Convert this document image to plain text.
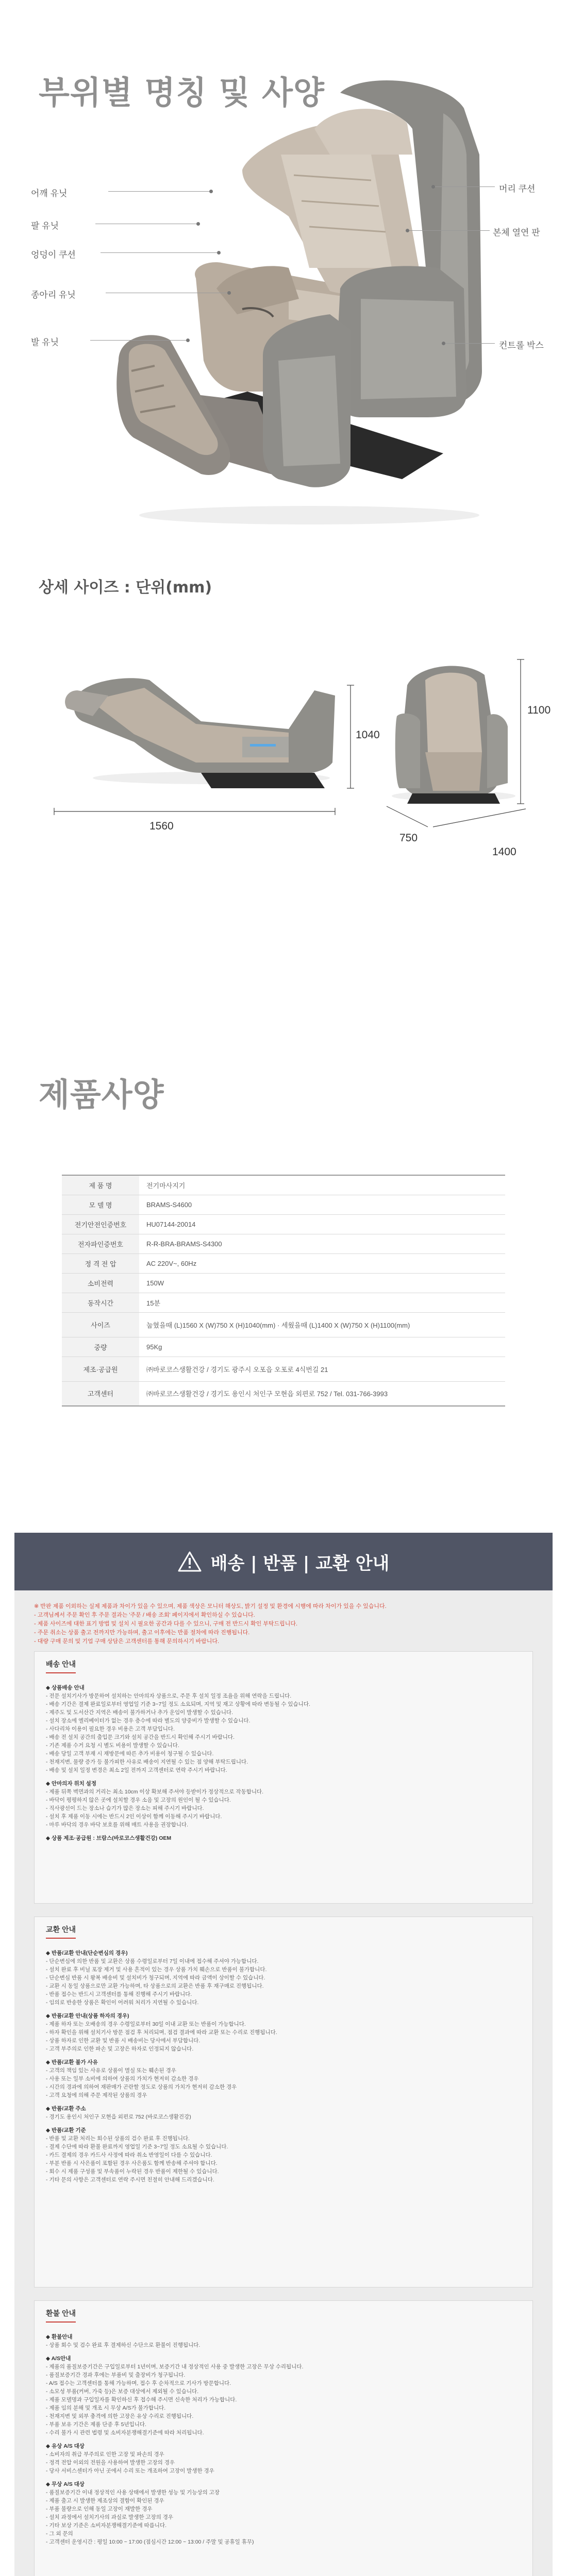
부위별 명칭 및 사양
어깨 유닛
팔 유닛
엉덩이 쿠션
종아리 유닛
발 유닛
머리 쿠션
본체 열연 판
컨트롤 박스
상세 사이즈 : 단위(mm)
1560
1040
1100
750
1400
제품사양
제 품 명	전기마사지기
모 델 명	BRAMS-S4600
전기안전인증번호	HU07144-20014
전자파인증번호	R-R-BRA-BRAMS-S4300
정 격 전 압	AC 220V~, 60Hz
소비전력	150W
동작시간	15분
사이즈	눕혔을때 (L)1560 X (W)750 X (H)1040(mm) · 세웠을때 (L)1400 X (W)750 X (H)1100(mm)
중량	95Kg
제조·공급원	㈜바로코스생활건강 / 경기도 광주시 오포읍 오포로 4식번길 21
고객센터	㈜바로코스생활건강 / 경기도 용인시 처인구 모현읍 외편로 752 / Tel. 031-766-3993
배송 | 반품 | 교환 안내

※ 반판 제품 이외하는 실제 제품과 차이가 있을 수 있으며, 제품 색상은 모니터 해상도, 밝기 설정 및 환경에 시행에 따라 차이가 있을 수 있습니다.

- 고객님께서 주문 확인 후 주문 결과는 '주문 / 배송 조회' 페이지에서 확인하실 수 있습니다.

- 제품 사이즈에 대한 표기 방법 및 설치 시 필요한 공간과 다를 수 있으니, 구매 전 반드시 확인 부탁드립니다.

- 주문 취소는 상품 출고 전까지만 가능하며, 출고 이후에는 반품 절차에 따라 진행됩니다.

- 대량 구매 문의 및 기업 구매 상담은 고객센터를 통해 문의하시기 바랍니다.

배송 안내

◆ 상품배송 안내

- 전문 설치기사가 방문하여 설치하는 안마의자 상품으로, 주문 후 설치 일정 조율을 위해 연락을 드립니다.

- 배송 기간은 결제 완료일로부터 영업일 기준 3~7일 정도 소요되며, 지역 및 재고 상황에 따라 변동될 수 있습니다.

- 제주도 및 도서산간 지역은 배송이 불가하거나 추가 운임이 발생할 수 있습니다.

- 설치 장소에 엘리베이터가 없는 경우 층수에 따라 별도의 양중비가 발생할 수 있습니다.

- 사다리차 이용이 필요한 경우 비용은 고객 부담입니다.

- 배송 전 설치 공간의 출입문 크기와 설치 공간을 반드시 확인해 주시기 바랍니다.

- 기존 제품 수거 요청 시 별도 비용이 발생할 수 있습니다.

- 배송 당일 고객 부재 시 재방문에 따른 추가 비용이 청구될 수 있습니다.

- 천재지변, 물량 증가 등 불가피한 사유로 배송이 지연될 수 있는 점 양해 부탁드립니다.

- 배송 및 설치 일정 변경은 최소 2일 전까지 고객센터로 연락 주시기 바랍니다.

◆ 안마의자 위치 설정

- 제품 뒤쪽 벽면과의 거리는 최소 10cm 이상 확보해 주셔야 등받이가 정상적으로 작동합니다.

- 바닥이 평평하지 않은 곳에 설치할 경우 소음 및 고장의 원인이 될 수 있습니다.

- 직사광선이 드는 장소나 습기가 많은 장소는 피해 주시기 바랍니다.

- 설치 후 제품 이동 시에는 반드시 2인 이상이 함께 이동해 주시기 바랍니다.

- 마루 바닥의 경우 바닥 보호를 위해 매트 사용을 권장합니다.

◆ 상품 제조·공급원 : 브람스(바로코스생활건강) OEM

교환 안내

◆ 반품/교환 안내(단순변심의 경우)

- 단순변심에 의한 반품 및 교환은 상품 수령일로부터 7일 이내에 접수해 주셔야 가능합니다.

- 설치 완료 후 비닐 포장 제거 및 사용 흔적이 있는 경우 상품 가치 훼손으로 반품이 불가합니다.

- 단순변심 반품 시 왕복 배송비 및 설치비가 청구되며, 지역에 따라 금액이 상이할 수 있습니다.

- 교환 시 동일 상품으로만 교환 가능하며, 타 상품으로의 교환은 반품 후 재구매로 진행됩니다.

- 반품 접수는 반드시 고객센터를 통해 진행해 주시기 바랍니다.

- 임의로 반송한 상품은 확인이 어려워 처리가 지연될 수 있습니다.

◆ 반품/교환 안내(상품 하자의 경우)

- 제품 하자 또는 오배송의 경우 수령일로부터 30일 이내 교환 또는 반품이 가능합니다.

- 하자 확인을 위해 설치기사 방문 점검 후 처리되며, 점검 결과에 따라 교환 또는 수리로 진행됩니다.

- 상품 하자로 인한 교환 및 반품 시 배송비는 당사에서 부담합니다.

- 고객 부주의로 인한 파손 및 고장은 하자로 인정되지 않습니다.

◆ 반품/교환 불가 사유

- 고객의 책임 있는 사유로 상품이 멸실 또는 훼손된 경우

- 사용 또는 일부 소비에 의하여 상품의 가치가 현저히 감소한 경우

- 시간의 경과에 의하여 재판매가 곤란할 정도로 상품의 가치가 현저히 감소한 경우

- 고객 요청에 의해 주문 제작된 상품의 경우

◆ 반품/교환 주소

- 경기도 용인시 처인구 모현읍 외편로 752 (바로코스생활건강)

◆ 반품/교환 기준

- 반품 및 교환 처리는 회수된 상품의 검수 완료 후 진행됩니다.

- 결제 수단에 따라 환불 완료까지 영업일 기준 3~7일 정도 소요될 수 있습니다.

- 카드 결제의 경우 카드사 사정에 따라 취소 반영일이 다를 수 있습니다.

- 부분 반품 시 사은품이 포함된 경우 사은품도 함께 반송해 주셔야 합니다.

- 회수 시 제품 구성품 및 부속품이 누락된 경우 반품이 제한될 수 있습니다.

- 기타 문의 사항은 고객센터로 연락 주시면 친절히 안내해 드리겠습니다.

환불 안내

◆ 환불안내

- 상품 회수 및 검수 완료 후 결제하신 수단으로 환불이 진행됩니다.

◆ A/S안내

- 제품의 품질보증기간은 구입일로부터 1년이며, 보증기간 내 정상적인 사용 중 발생한 고장은 무상 수리됩니다.

- 품질보증기간 경과 후에는 부품비 및 출장비가 청구됩니다.

- A/S 접수는 고객센터를 통해 가능하며, 접수 후 순차적으로 기사가 방문합니다.

- 소모성 부품(커버, 가죽 등)은 보증 대상에서 제외될 수 있습니다.

- 제품 모델명과 구입일자를 확인하신 후 접수해 주시면 신속한 처리가 가능합니다.

- 제품 임의 분해 및 개조 시 무상 A/S가 불가합니다.

- 천재지변 및 외부 충격에 의한 고장은 유상 수리로 진행됩니다.

- 부품 보유 기간은 제품 단종 후 5년입니다.

- 수리 불가 시 관련 법령 및 소비자분쟁해결기준에 따라 처리됩니다.

◆ 유상 A/S 대상

- 소비자의 취급 부주의로 인한 고장 및 파손의 경우

- 정격 전압 이외의 전원을 사용하여 발생한 고장의 경우

- 당사 서비스센터가 아닌 곳에서 수리 또는 개조하여 고장이 발생한 경우

◆ 무상 A/S 대상

- 품질보증기간 이내 정상적인 사용 상태에서 발생한 성능 및 기능상의 고장

- 제품 출고 시 발생한 제조상의 결함이 확인된 경우

- 부품 불량으로 인해 동일 고장이 재발한 경우

- 설치 과정에서 설치기사의 과실로 발생한 고장의 경우

- 기타 보상 기준은 소비자분쟁해결기준에 따릅니다.

- 그 외 문의

- 고객센터 운영시간 : 평일 10:00 ~ 17:00 (점심시간 12:00 ~ 13:00 / 주말 및 공휴일 휴무)
